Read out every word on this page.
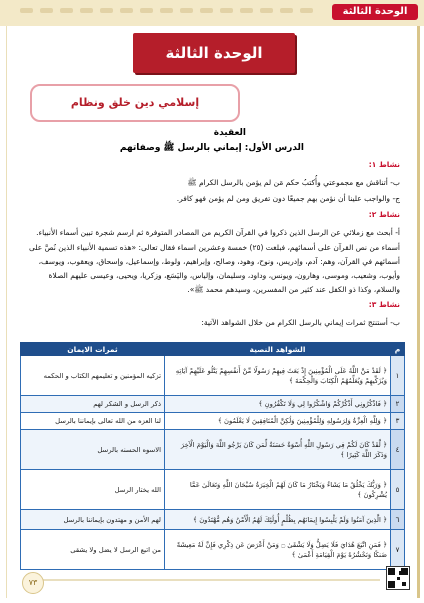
الوحدة الثالثة
الوحدة الثالثة
إسلامي دين خلق ونظام
العقيدة
الدرس الأول: إيماني بالرسل ﷺ وصفاتهم
نشاط ١:
ب- أتناقش مع مجموعتي وأُكتبُ حكم مَن لم يؤمن بالرسل الكرام ﷺ
ج- والواجب علينا أن نؤمن بهم جميعًا دون تفريق ومن لم يؤمن فهو كافر.
نشاط ٢:
أ- أبحث مع زملائي عن الرسل الذين ذكروا في القرآن الكريم من المصادر المتوفرة ثم ارسم شجرة تبين أسماء الأنبياء.
أسماء من نص القرآن على أسمائهم، فبلغت (٢٥) خمسة وعشرين اسماء فقال تعالى: «هذه تسمية الأنبياء الذين نُصَّ على
أسمائهم في القرآن، وهم: آدم، وإدريس، ونوح، وهود، وصالح، وإبراهيم، ولوط، وإسماعيل، وإسحاق، ويعقوب، ويوسف،
وأيوب، وشعيب، وموسى، وهارون، ويونس، وداود، وسليمان، وإلياس، واليَسَع، وزكريا، ويحيى، وعيسى عليهم الصلاة
والسلام، وكذا ذو الكفل عند كثير من المفسرين، وسيدهم محمد ﷺ».
نشاط ٣:
ب- أستنتج ثمرات إيماني بالرسل الكرام من خلال الشواهد الآتية:
م	الشواهد النصية	ثمرات الايمان
١	﴿ لَقَدْ مَنَّ اللَّهُ عَلَى الْمُؤْمِنِينَ إِذْ بَعَثَ فِيهِمْ رَسُولًا مِّنْ أَنفُسِهِمْ يَتْلُو عَلَيْهِمْ آيَاتِهِ وَيُزَكِّيهِمْ وَيُعَلِّمُهُمُ الْكِتَابَ وَالْحِكْمَةَ ﴾	تزكيه المؤمنين و تعليمهم الكتاب و الحكمه
٢	﴿ فَاذْكُرُونِي أَذْكُرْكُمْ وَاشْكُرُوا لِي وَلَا تَكْفُرُونِ ﴾	ذكر الرسل و الشكر لهم
٣	﴿ وَلِلَّهِ الْعِزَّةُ وَلِرَسُولِهِ وَلِلْمُؤْمِنِينَ وَلَٰكِنَّ الْمُنَافِقِينَ لَا يَعْلَمُونَ ﴾	لنا العزه من الله تعالى بإيماننا بالرسل
٤	﴿ لَّقَدْ كَانَ لَكُمْ فِي رَسُولِ اللَّهِ أُسْوَةٌ حَسَنَةٌ لِّمَن كَانَ يَرْجُو اللَّهَ وَالْيَوْمَ الْآخِرَ وَذَكَرَ اللَّهَ كَثِيرًا ﴾	الاسوه الحسنه بالرسل
٥	﴿ وَرَبُّكَ يَخْلُقُ مَا يَشَاءُ وَيَخْتَارُ مَا كَانَ لَهُمُ الْخِيَرَةُ سُبْحَانَ اللَّهِ وَتَعَالَىٰ عَمَّا يُشْرِكُونَ ﴾	الله يختار الرسل
٦	﴿ الَّذِينَ آمَنُوا وَلَمْ يَلْبِسُوا إِيمَانَهُم بِظُلْمٍ أُولَٰئِكَ لَهُمُ الْأَمْنُ وَهُم مُّهْتَدُونَ ﴾	لهم الأمن و مهتدون بإيماننا بالرسل
٧	﴿ فَمَنِ اتَّبَعَ هُدَايَ فَلَا يَضِلُّ وَلَا يَشْقَىٰ ۝ وَمَنْ أَعْرَضَ عَن ذِكْرِي فَإِنَّ لَهُ مَعِيشَةً ضَنكًا وَنَحْشُرُهُ يَوْمَ الْقِيَامَةِ أَعْمَىٰ ﴾	من اتبع الرسل لا يضل ولا يشقى
٧٣
